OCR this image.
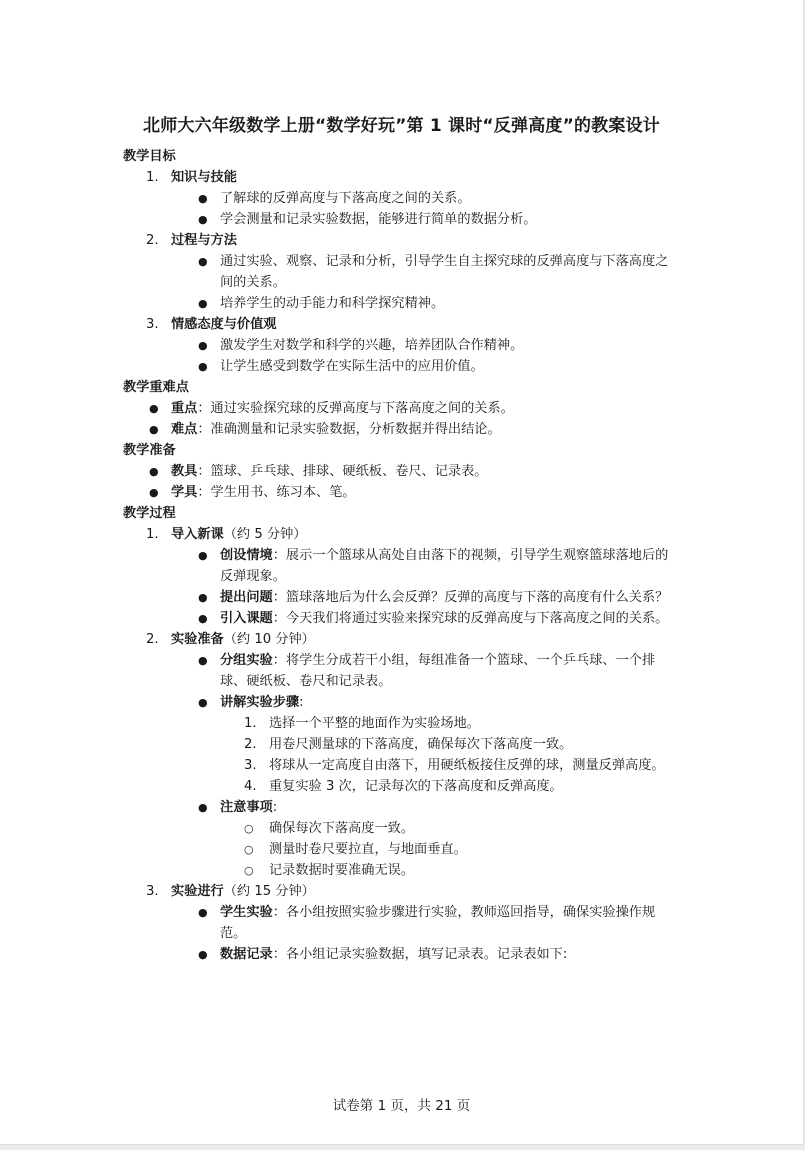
北师大六年级数学上册“数学好玩”第 1 课时“反弹高度”的教案设计
教学目标
1. 知识与技能
● 了解球的反弹高度与下落高度之间的关系。
● 学会测量和记录实验数据，能够进行简单的数据分析。
2. 过程与方法
● 通过实验、观察、记录和分析，引导学生自主探究球的反弹高度与下落高度之间的关系。
● 培养学生的动手能力和科学探究精神。
3. 情感态度与价值观
● 激发学生对数学和科学的兴趣，培养团队合作精神。
● 让学生感受到数学在实际生活中的应用价值。
教学重难点
● 重点：通过实验探究球的反弹高度与下落高度之间的关系。
● 难点：准确测量和记录实验数据，分析数据并得出结论。
教学准备
● 教具：篮球、乒乓球、排球、硬纸板、卷尺、记录表。
● 学具：学生用书、练习本、笔。
教学过程
1. 导入新课（约 5 分钟）
● 创设情境：展示一个篮球从高处自由落下的视频，引导学生观察篮球落地后的反弹现象。
● 提出问题：篮球落地后为什么会反弹？反弹的高度与下落的高度有什么关系？
● 引入课题：今天我们将通过实验来探究球的反弹高度与下落高度之间的关系。
2. 实验准备（约 10 分钟）
● 分组实验：将学生分成若干小组，每组准备一个篮球、一个乒乓球、一个排球、硬纸板、卷尺和记录表。
● 讲解实验步骤:
1. 选择一个平整的地面作为实验场地。
2. 用卷尺测量球的下落高度，确保每次下落高度一致。
3. 将球从一定高度自由落下，用硬纸板接住反弹的球，测量反弹高度。
4. 重复实验 3 次，记录每次的下落高度和反弹高度。
● 注意事项:
○ 确保每次下落高度一致。
○ 测量时卷尺要拉直，与地面垂直。
○ 记录数据时要准确无误。
3. 实验进行（约 15 分钟）
● 学生实验：各小组按照实验步骤进行实验，教师巡回指导，确保实验操作规范。
● 数据记录：各小组记录实验数据，填写记录表。记录表如下:
试卷第 1 页，共 21 页
